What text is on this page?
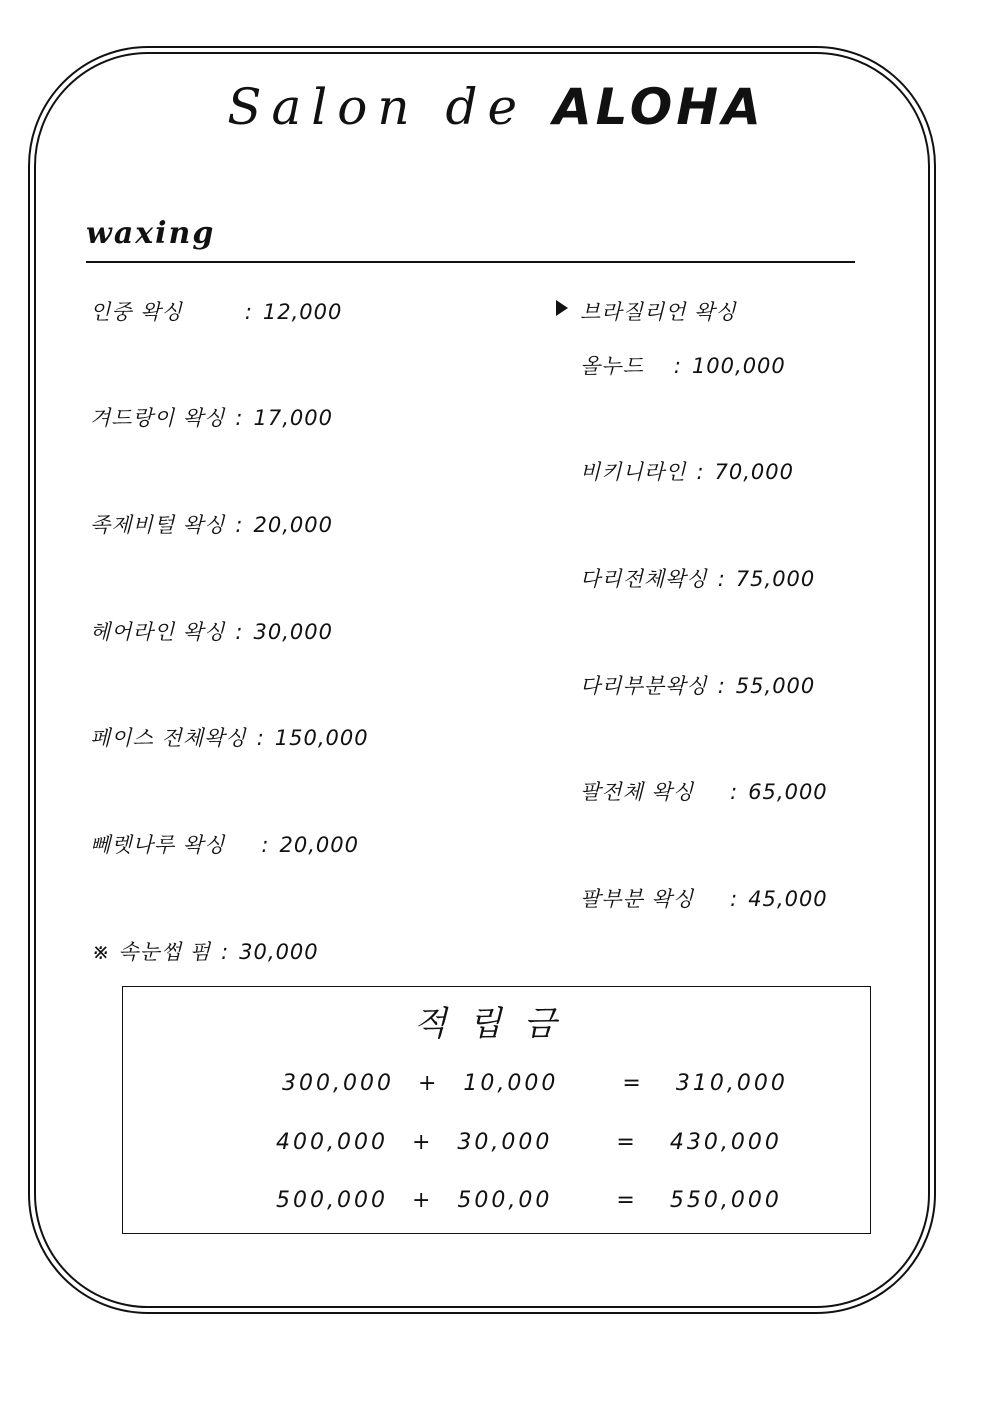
Salon de ALOHA
waxing
인중 왁싱	: 12,000
겨드랑이 왁싱 : 17,000
족제비털 왁싱 : 20,000
헤어라인 왁싱 : 30,000
페이스 전체왁싱 : 150,000
뻬렛나루 왁싱 : 20,000
※ 속눈썹 펌 : 30,000
브라질리언 왁싱
올누드 : 100,000
비키니라인 : 70,000
다리전체왁싱 : 75,000
다리부분왁싱 : 55,000
팔전체 왁싱 : 65,000
팔부분 왁싱 : 45,000
적립금
300,000 + 10,000	= 310,000
400,000 + 30,000	= 430,000
500,000 + 500,00	= 550,000
